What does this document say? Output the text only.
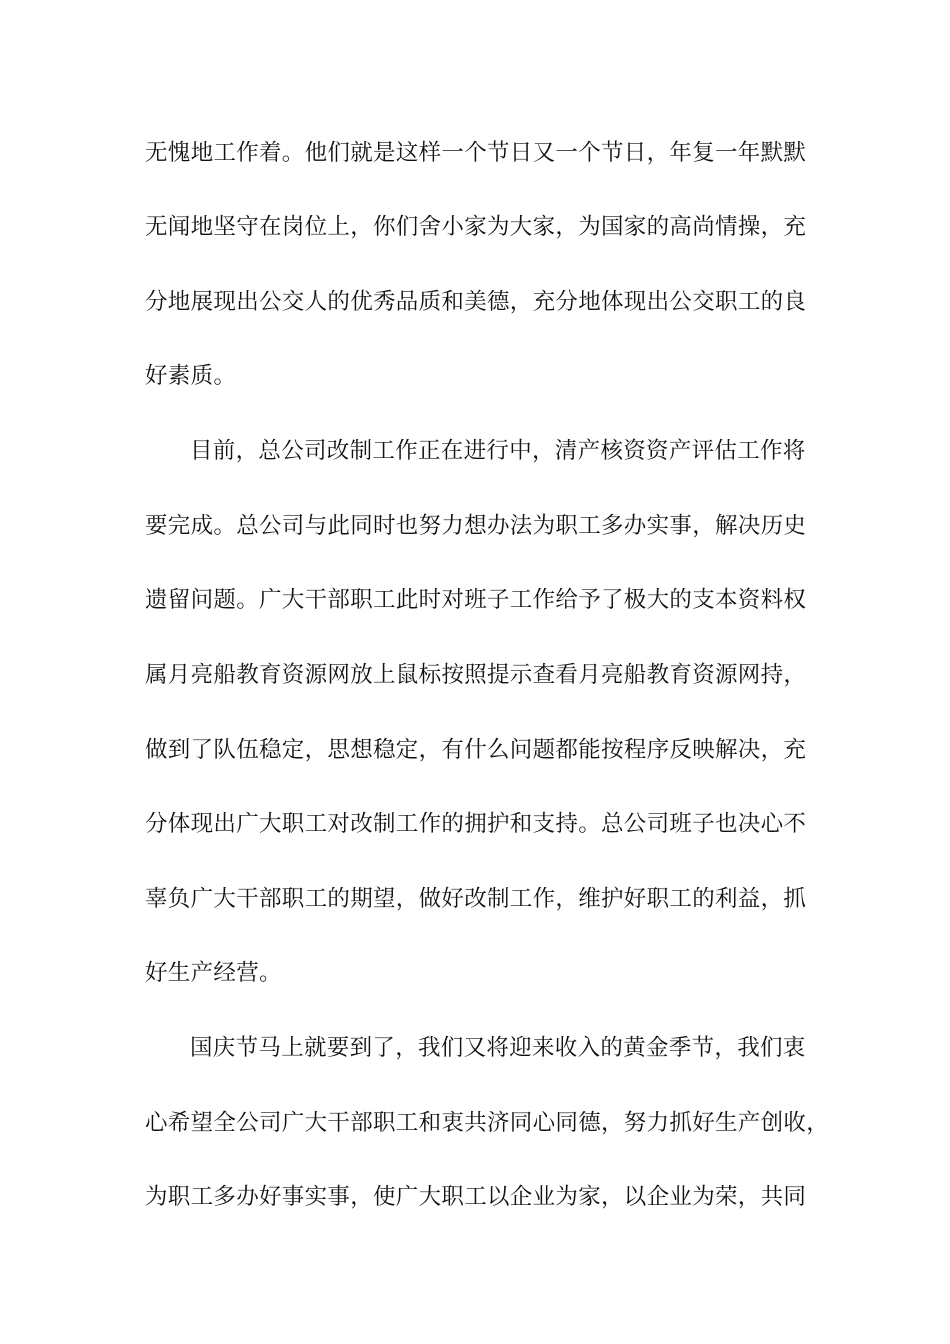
无愧地工作着。他们就是这样一个节日又一个节日，年复一年默默
无闻地坚守在岗位上，你们舍小家为大家，为国家的高尚情操，充
分地展现出公交人的优秀品质和美德，充分地体现出公交职工的良
好素质。
目前，总公司改制工作正在进行中，清产核资资产评估工作将
要完成。总公司与此同时也努力想办法为职工多办实事，解决历史
遗留问题。广大干部职工此时对班子工作给予了极大的支本资料权
属月亮船教育资源网放上鼠标按照提示查看月亮船教育资源网持，
做到了队伍稳定，思想稳定，有什么问题都能按程序反映解决，充
分体现出广大职工对改制工作的拥护和支持。总公司班子也决心不
辜负广大干部职工的期望，做好改制工作，维护好职工的利益，抓
好生产经营。
国庆节马上就要到了，我们又将迎来收入的黄金季节，我们衷
心希望全公司广大干部职工和衷共济同心同德，努力抓好生产创收，
为职工多办好事实事，使广大职工以企业为家，以企业为荣，共同
